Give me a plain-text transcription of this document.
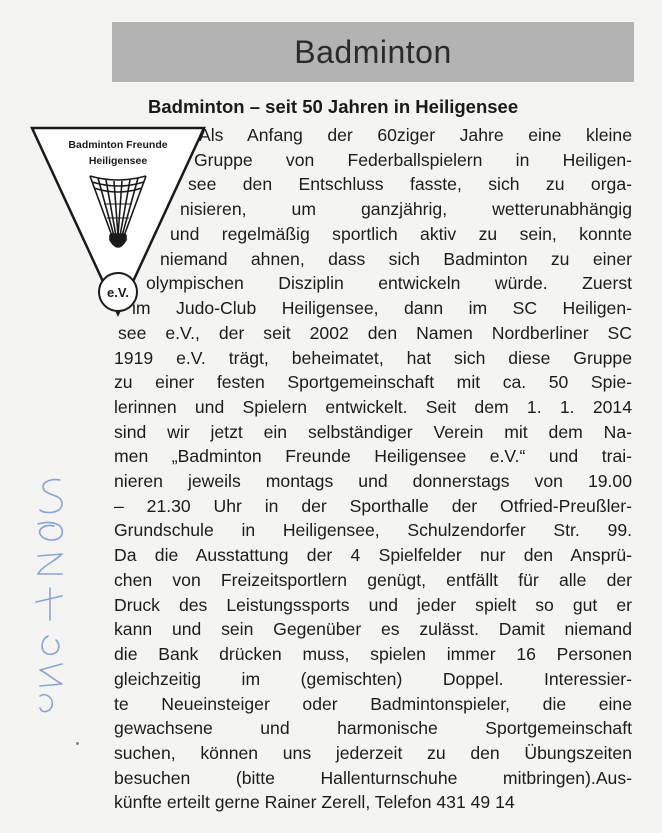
Badminton
Badminton – seit 50 Jahren in Heiligensee
Badminton Freunde
Heiligensee
e.V.
Als Anfang der 60ziger Jahre eine kleine
Gruppe von Federballspielern in Heiligen-
see den Entschluss fasste, sich zu orga-
nisieren, um ganzjährig, wetterunabhängig
und regelmäßig sportlich aktiv zu sein, konnte
niemand ahnen, dass sich Badminton zu einer
olympischen Disziplin entwickeln würde. Zuerst
im Judo-Club Heiligensee, dann im SC Heiligen-
see e.V., der seit 2002 den Namen Nordberliner SC
1919 e.V. trägt, beheimatet, hat sich diese Gruppe
zu einer festen Sportgemeinschaft mit ca. 50 Spie-
lerinnen und Spielern entwickelt. Seit dem 1. 1. 2014
sind wir jetzt ein selbständiger Verein mit dem Na-
men „Badminton Freunde Heiligensee e.V.“ und trai-
nieren jeweils montags und donnerstags von 19.00
– 21.30 Uhr in der Sporthalle der Otfried-Preußler-
Grundschule in Heiligensee, Schulzendorfer Str. 99.
Da die Ausstattung der 4 Spielfelder nur den Ansprü-
chen von Freizeitsportlern genügt, entfällt für alle der
Druck des Leistungssports und jeder spielt so gut er
kann und sein Gegenüber es zulässt. Damit niemand
die Bank drücken muss, spielen immer 16 Personen
gleichzeitig im (gemischten) Doppel. Interessier-
te Neueinsteiger oder Badmintonspieler, die eine
gewachsene und harmonische Sportgemeinschaft
suchen, können uns jederzeit zu den Übungszeiten
besuchen (bitte Hallenturnschuhe mitbringen).Aus-
künfte erteilt gerne Rainer Zerell, Telefon 431 49 14
März 2014
